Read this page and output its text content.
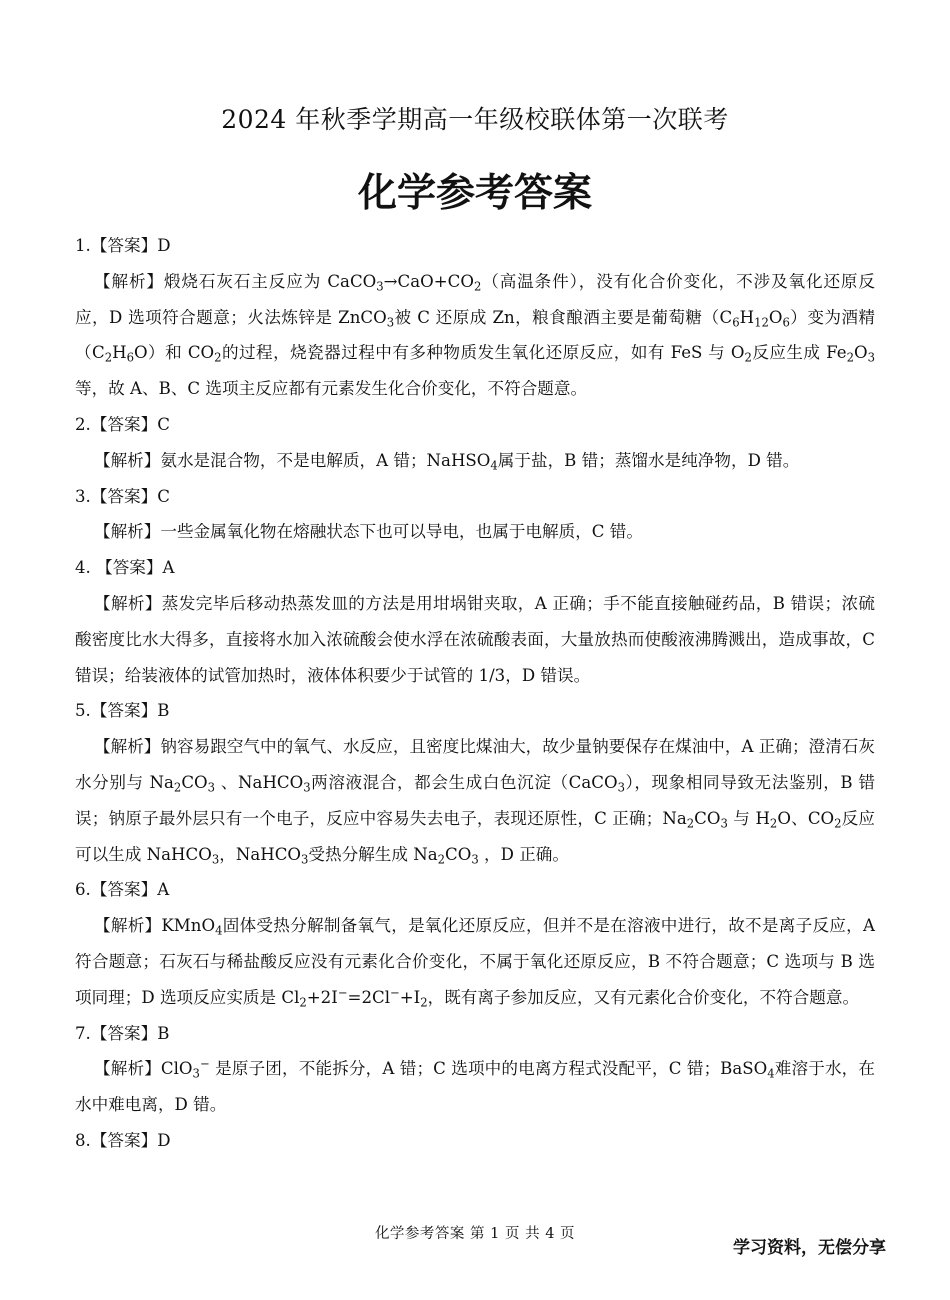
2024 年秋季学期高一年级校联体第一次联考
化学参考答案

1.【答案】D

【解析】煅烧石灰石主反应为 $CaCO_3\to CaO+CO_2$（高温条件），没有化合价变化，不涉及氧化还原反应，D 选项符合题意；火法炼锌是 ZnCO$_3$被 C 还原成 Zn，粮食酿酒主要是葡萄糖$(C_6H_{12}O_6)$变为酒精$(C_2H_6O)$和 $CO_2$的过程，烧瓷器过程中有多种物质发生氧化还原反应，如有 FeS 与 $O_2$反应生成 $Fe_2O_3$等，故 A、B、C 选项主反应都有元素发生化合价变化，不符合题意。

2.【答案】C

【解析】氨水是混合物，不是电解质，A 错；NaHSO$_4$属于盐，B 错；蒸馏水是纯净物，D 错。

3.【答案】C

【解析】一些金属氧化物在熔融状态下也可以导电，也属于电解质，C 错。

4. 【答案】A

【解析】蒸发完毕后移动热蒸发皿的方法是用坩埚钳夹取，A 正确；手不能直接触碰药品，B 错误；浓硫酸密度比水大得多，直接将水加入浓硫酸会使水浮在浓硫酸表面，大量放热而使酸液沸腾溅出，造成事故，C 错误；给装液体的试管加热时，液体体积要少于试管的 1/3，D 错误。

5.【答案】B

【解析】钠容易跟空气中的氧气、水反应，且密度比煤油大，故少量钠要保存在煤油中，A 正确；澄清石灰水分别与 $Na_2CO_3$ 、NaHCO$_3$两溶液混合，都会生成白色沉淀（CaCO$_3$），现象相同导致无法鉴别，B 错误；钠原子最外层只有一个电子，反应中容易失去电子，表现还原性，C 正确；$Na_2CO_3$ 与 $H_2O$、$CO_2$反应可以生成 NaHCO$_3$，NaHCO$_3$受热分解生成 $Na_2CO_3$ ，D 正确。

6.【答案】A

【解析】KMnO$_4$固体受热分解制备氧气，是氧化还原反应，但并不是在溶液中进行，故不是离子反应，A 符合题意；石灰石与稀盐酸反应没有元素化合价变化，不属于氧化还原反应，B 不符合题意；C 选项与 B 选项同理；D 选项反应实质是 $Cl_2+2I^-=2Cl^-+I_2$，既有离子参加反应，又有元素化合价变化，不符合题意。

7.【答案】B

【解析】ClO$_3$− 是原子团，不能拆分，A 错；C 选项中的电离方程式没配平，C 错；BaSO$_4$难溶于水，在水中难电离，D 错。

8.【答案】D

化学参考答案 第 1 页 共 4 页
学习资料，无偿分享
